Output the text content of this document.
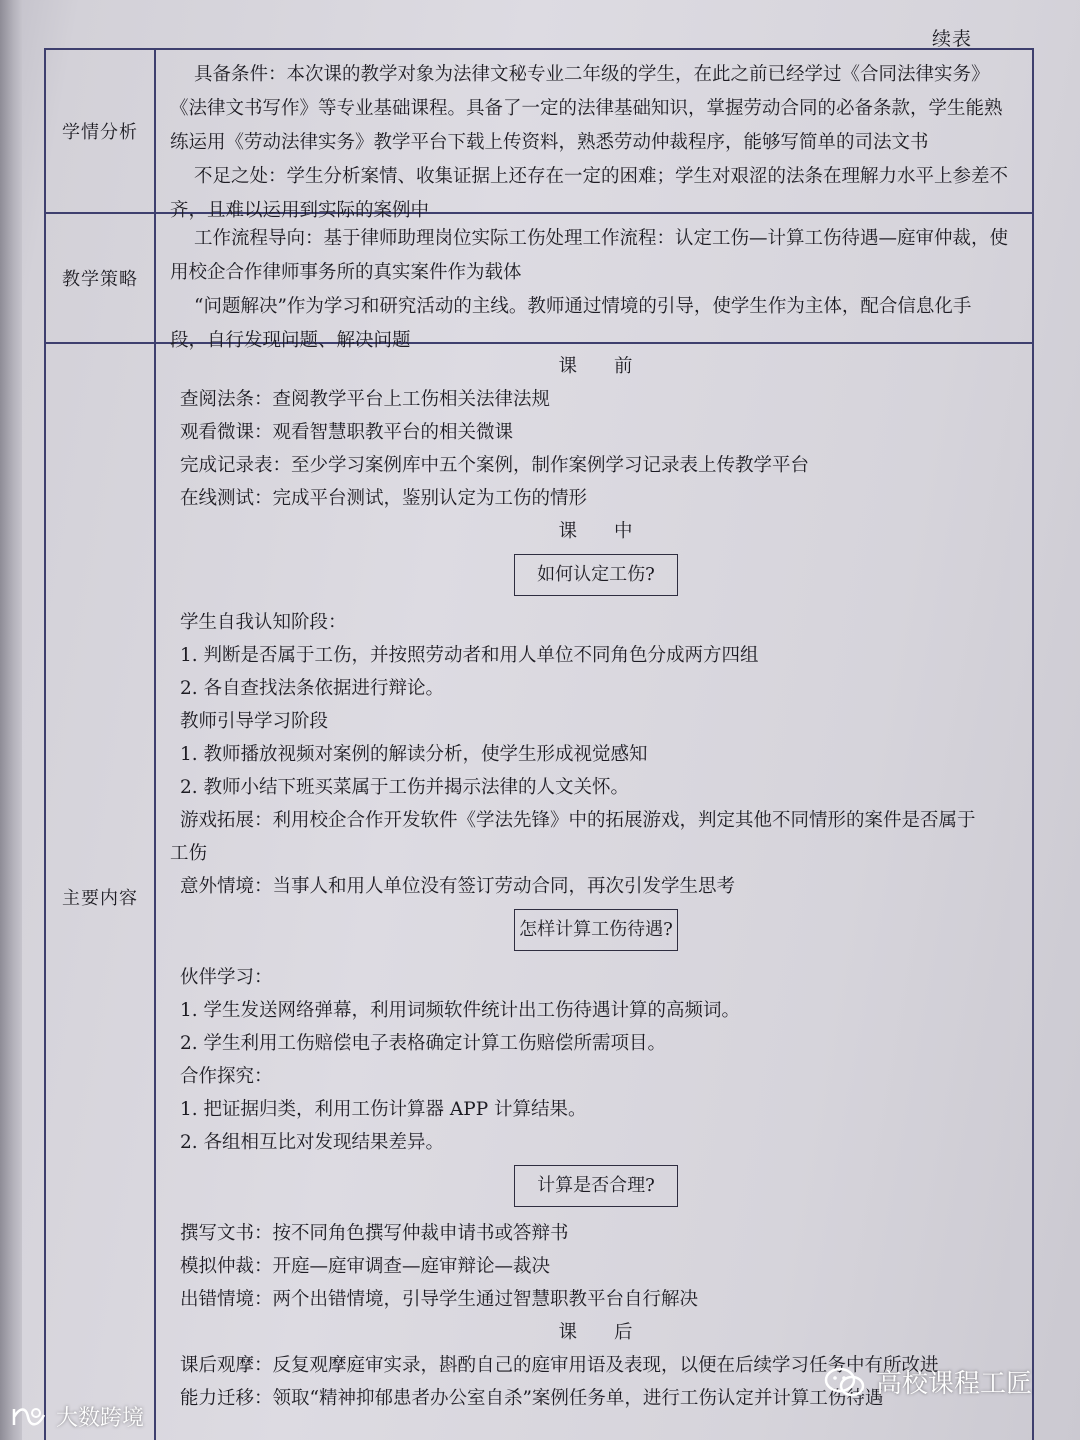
续表
学情分析

具备条件：本次课的教学对象为法律文秘专业二年级的学生，在此之前已经学过《合同法律实务》

《法律文书写作》等专业基础课程。具备了一定的法律基础知识，掌握劳动合同的必备条款，学生能熟

练运用《劳动法律实务》教学平台下载上传资料，熟悉劳动仲裁程序，能够写简单的司法文书

不足之处：学生分析案情、收集证据上还存在一定的困难；学生对艰涩的法条在理解力水平上参差不

齐，且难以运用到实际的案例中

教学策略

工作流程导向：基于律师助理岗位实际工伤处理工作流程：认定工伤—计算工伤待遇—庭审仲裁，使

用校企合作律师事务所的真实案件作为载体

“问题解决”作为学习和研究活动的主线。教师通过情境的引导，使学生作为主体，配合信息化手

段，自行发现问题、解决问题

主要内容

课 前

查阅法条：查阅教学平台上工伤相关法律法规

观看微课：观看智慧职教平台的相关微课

完成记录表：至少学习案例库中五个案例，制作案例学习记录表上传教学平台

在线测试：完成平台测试，鉴别认定为工伤的情形

课 中

如何认定工伤?

学生自我认知阶段：

1. 判断是否属于工伤，并按照劳动者和用人单位不同角色分成两方四组

2. 各自查找法条依据进行辩论。

教师引导学习阶段

1. 教师播放视频对案例的解读分析，使学生形成视觉感知

2. 教师小结下班买菜属于工伤并揭示法律的人文关怀。

游戏拓展：利用校企合作开发软件《学法先锋》中的拓展游戏，判定其他不同情形的案件是否属于

工伤

意外情境：当事人和用人单位没有签订劳动合同，再次引发学生思考

怎样计算工伤待遇?

伙伴学习：

1. 学生发送网络弹幕，利用词频软件统计出工伤待遇计算的高频词。

2. 学生利用工伤赔偿电子表格确定计算工伤赔偿所需项目。

合作探究：

1. 把证据归类，利用工伤计算器 APP 计算结果。

2. 各组相互比对发现结果差异。

计算是否合理?

撰写文书：按不同角色撰写仲裁申请书或答辩书

模拟仲裁：开庭—庭审调查—庭审辩论—裁决

出错情境：两个出错情境，引导学生通过智慧职教平台自行解决

课 后

课后观摩：反复观摩庭审实录，斟酌自己的庭审用语及表现，以便在后续学习任务中有所改进

能力迁移：领取“精神抑郁患者办公室自杀”案例任务单，进行工伤认定并计算工伤待遇

高校课程工匠
大数跨境
